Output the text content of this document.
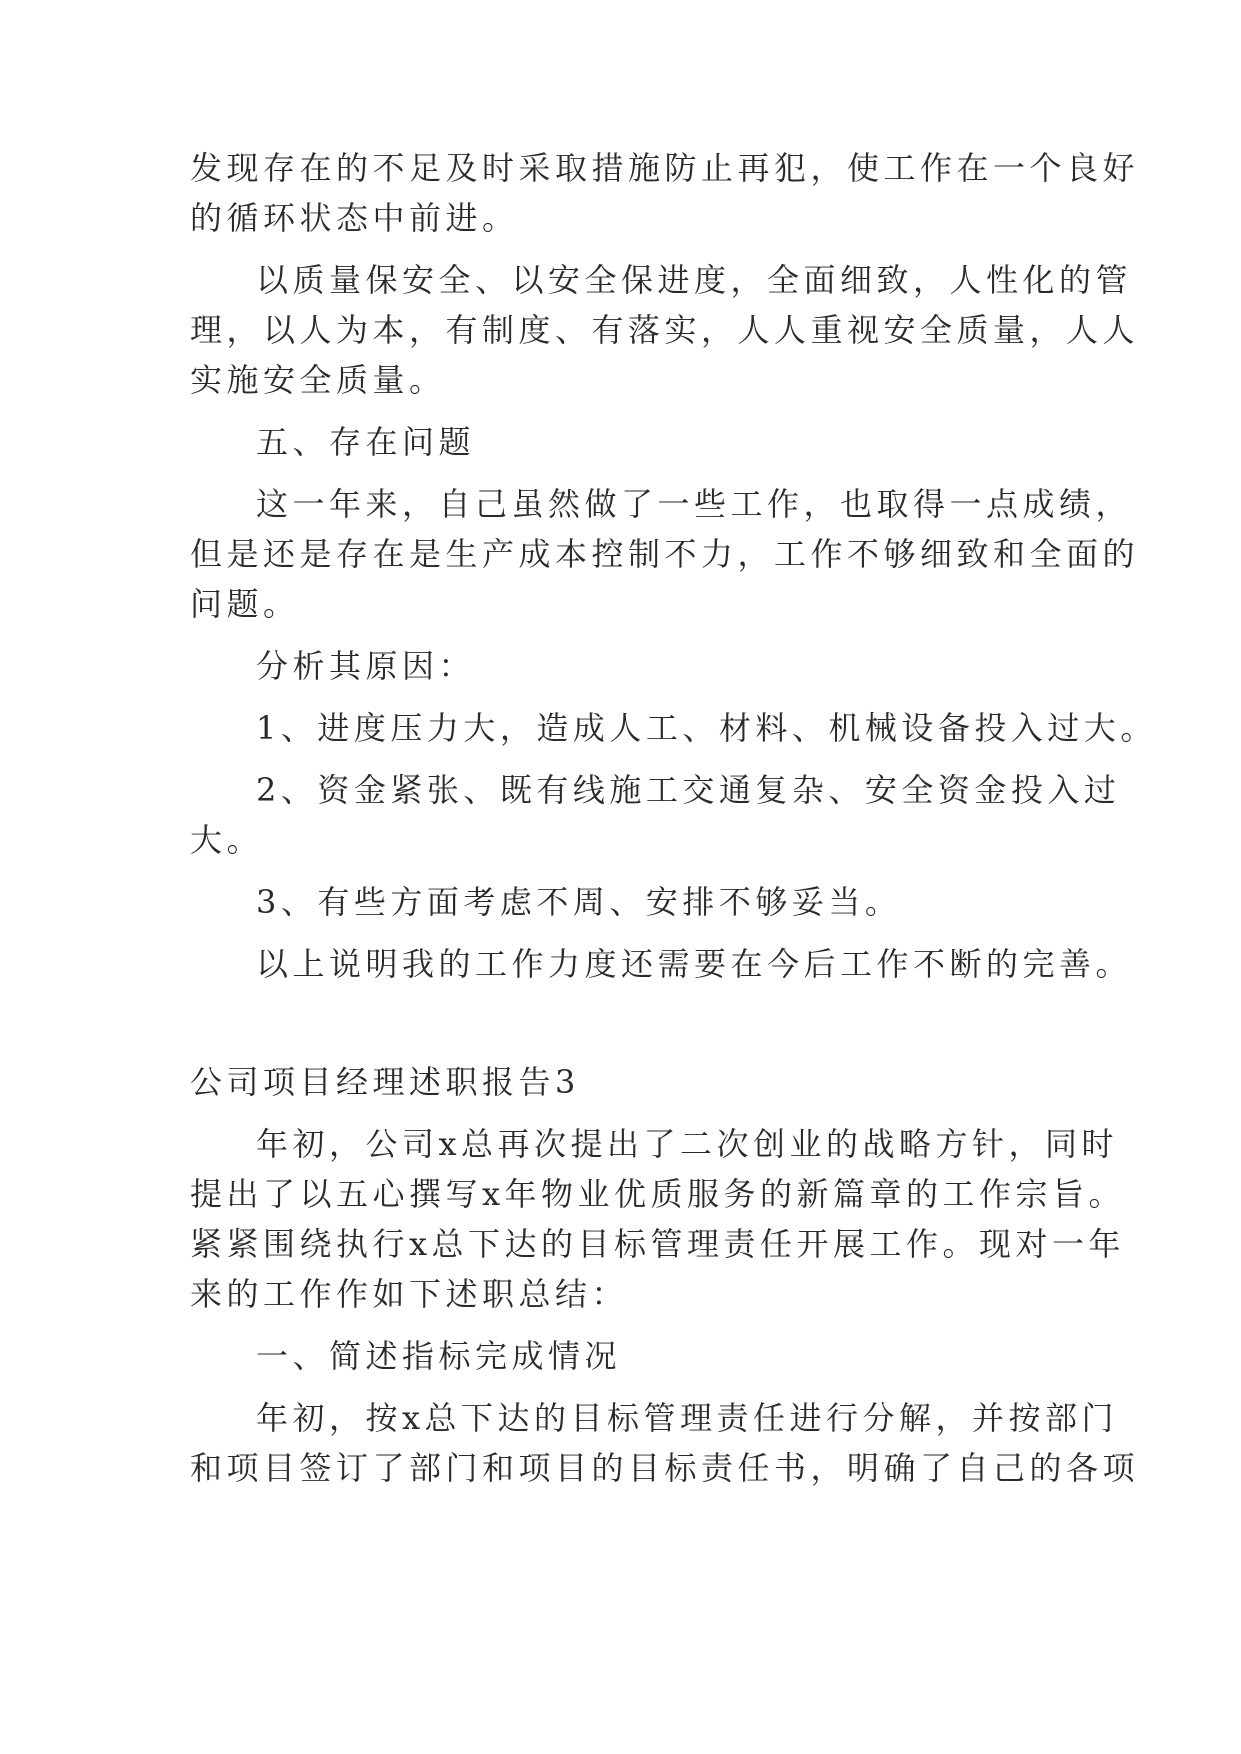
发现存在的不足及时采取措施防止再犯，使工作在一个良好
的循环状态中前进。
以质量保安全、以安全保进度，全面细致，人性化的管
理，以人为本，有制度、有落实，人人重视安全质量，人人
实施安全质量。
五、存在问题
这一年来，自己虽然做了一些工作，也取得一点成绩，
但是还是存在是生产成本控制不力，工作不够细致和全面的
问题。
分析其原因：
1、进度压力大，造成人工、材料、机械设备投入过大。
2、资金紧张、既有线施工交通复杂、安全资金投入过
大。
3、有些方面考虑不周、安排不够妥当。
以上说明我的工作力度还需要在今后工作不断的完善。
公司项目经理述职报告3
年初，公司x总再次提出了二次创业的战略方针，同时
提出了以五心撰写x年物业优质服务的新篇章的工作宗旨。
紧紧围绕执行x总下达的目标管理责任开展工作。现对一年
来的工作作如下述职总结：
一、简述指标完成情况
年初，按x总下达的目标管理责任进行分解，并按部门
和项目签订了部门和项目的目标责任书，明确了自己的各项
